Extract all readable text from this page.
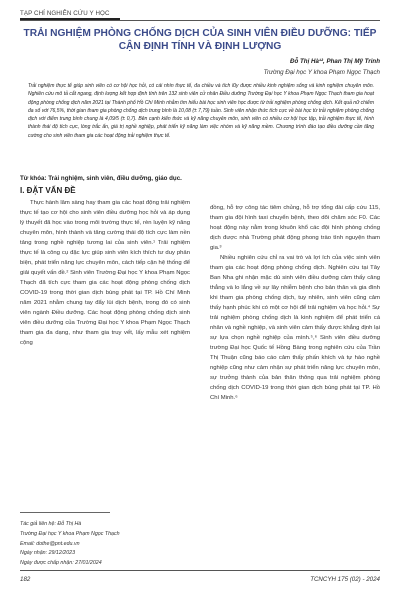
TẠP CHÍ NGHIÊN CỨU Y HỌC
TRẢI NGHIỆM PHÒNG CHỐNG DỊCH CỦA SINH VIÊN ĐIỀU DƯỠNG: TIẾP CẬN ĐỊNH TÍNH VÀ ĐỊNH LƯỢNG
Đỗ Thị Hà¹², Phan Thị Mỹ Trinh
Trường Đại học Y khoa Phạm Ngọc Thạch

Trải nghiệm thực tế giúp sinh viên có cơ hội học hỏi, có cái nhìn thực tế, đa chiều và tích lũy được nhiều kinh nghiệm sống và kinh nghiệm chuyên môn. Nghiên cứu mô tả cắt ngang, định lượng kết hợp định tính trên 132 sinh viên cử nhân Điều dưỡng Trường Đại học Y khoa Phạm Ngọc Thạch tham gia hoạt động phòng chống dịch năm 2021 tại Thành phố Hồ Chí Minh nhằm tìm hiểu bài học sinh viên học được từ trải nghiệm phòng chống dịch. Kết quả nữ chiếm đa số với 76,5%, thời gian tham gia phòng chống dịch trung bình là 10,08 (± 7,79) tuần. Sinh viên nhận thức tích cực về bài học từ trải nghiệm phòng chống dịch với điểm trung bình chung là 4,09/5 (± 0,7). Bên cạnh kiến thức và kỹ năng chuyên môn, sinh viên có nhiều cơ hội học tập, trải nghiệm thực tế, hình thành thái độ tích cực, lòng trắc ẩn, giá trị nghề nghiệp, phát triển kỹ năng làm việc nhóm và kỹ năng mềm. Chương trình đào tạo điều dưỡng cần tăng cường cho sinh viên tham gia các hoạt động trải nghiệm thực tế.

Từ khóa: Trải nghiệm, sinh viên, điều dưỡng, giáo dục.

I. ĐẶT VẤN ĐỀ

Thực hành lâm sàng hay tham gia các hoạt động trải nghiệm thực tế tạo cơ hội cho sinh viên điều dưỡng học hỏi và áp dụng lý thuyết đã học vào trong môi trường thực tế, rèn luyện kỹ năng chuyên môn, hình thành và tăng cường thái độ tích cực làm nền tảng trong nghề nghiệp tương lai của sinh viên.¹ Trải nghiệm thực tế là công cụ đặc lực giúp sinh viên kích thích tư duy phản biện, phát triển năng lực chuyên môn, cách tiếp cận hệ thống để giải quyết vấn đề.² Sinh viên Trường Đại học Y khoa Phạm Ngọc Thạch đã tích cực tham gia các hoạt động phòng chống dịch COVID-19 trong thời gian dịch bùng phát tại TP. Hồ Chí Minh năm 2021 nhằm chung tay đẩy lùi dịch bệnh, trong đó có sinh viên ngành Điều dưỡng. Các hoạt động phòng chống dịch sinh viên điều dưỡng của Trường Đại học Y khoa Phạm Ngọc Thạch tham gia đa dạng, như tham gia truy vết, lấy mẫu xét nghiệm cộng

đồng, hỗ trợ công tác tiêm chủng, hỗ trợ tổng đài cấp cứu 115, tham gia đội hình taxi chuyển bệnh, theo dõi chăm sóc F0. Các hoạt động này nằm trong khuôn khổ các đội hình phòng chống dịch được nhà Trường phát động phong trào tình nguyện tham gia.³

Nhiều nghiên cứu chỉ ra vai trò và lợi ích của việc sinh viên tham gia các hoạt động phòng chống dịch. Nghiên cứu tại Tây Ban Nha ghi nhận mặc dù sinh viên điều dưỡng cảm thấy căng thẳng và lo lắng về sự lây nhiễm bệnh cho bản thân và gia đình khi tham gia phòng chống dịch, tuy nhiên, sinh viên cũng cảm thấy hạnh phúc khi có một cơ hội để trải nghiệm và học hỏi.⁴ Sự trải nghiệm phòng chống dịch là kinh nghiệm để phát triển cá nhân và nghề nghiệp, và sinh viên cảm thấy được khẳng định lại sự lựa chọn nghề nghiệp của mình.⁵,⁶ Sinh viên điều dưỡng trường Đại học Quốc tế Hồng Bàng trong nghiên cứu của Trần Thị Thuận cũng báo cáo cảm thấy phấn khích và tự hào nghề nghiệp cũng như cảm nhận sự phát triển năng lực chuyên môn, sự trưởng thành của bản thân thông qua trải nghiệm phòng chống dịch COVID-19 trong thời gian dịch bùng phát tại TP. Hồ Chí Minh.⁶

Tác giả liên hệ: Đỗ Thị Hà
Trường Đại học Y khoa Phạm Ngọc Thạch
Email: dothe@pnt.edu.vn
Ngày nhận: 29/12/2023
Ngày được chấp nhận: 27/01/2024
182	TCNCYH 175 (02) - 2024
